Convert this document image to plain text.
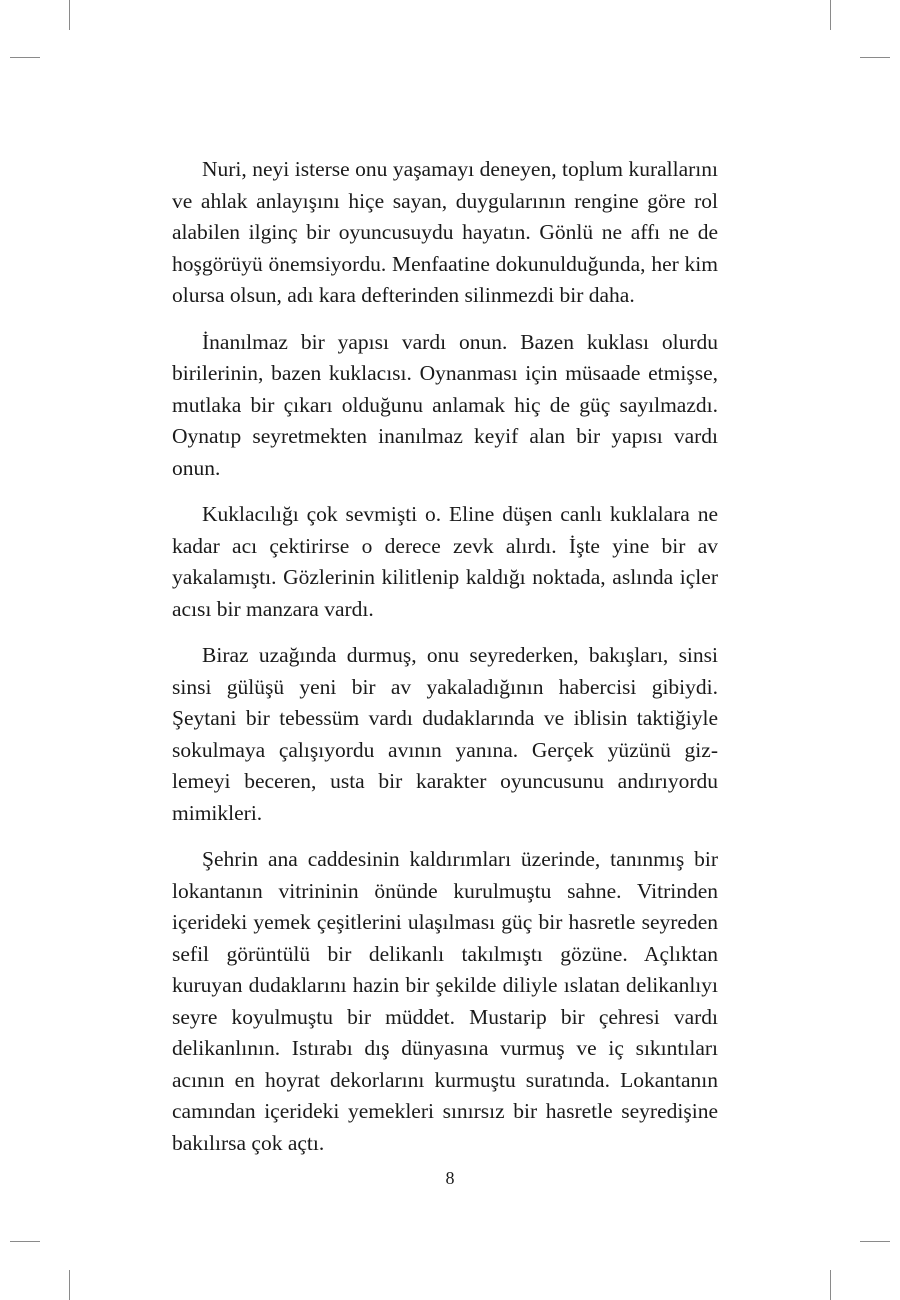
Nuri, neyi isterse onu yaşamayı deneyen, toplum kurallarını ve ahlak anlayışını hiçe sayan, duygularının rengine göre rol alabilen ilginç bir oyuncusuydu hayatın. Gönlü ne affı ne de hoşgörüyü önemsiyordu. Menfaatine dokunulduğunda, her kim olursa olsun, adı kara defterinden silinmezdi bir daha.

İnanılmaz bir yapısı vardı onun. Bazen kuklası olurdu birilerinin, bazen kuklacısı. Oynanması için müsaade etmişse, mutlaka bir çıkarı olduğunu anlamak hiç de güç sayılmazdı. Oynatıp seyretmekten inanılmaz keyif alan bir yapısı vardı onun.

Kuklacılığı çok sevmişti o. Eline düşen canlı kuklalara ne kadar acı çektirirse o derece zevk alırdı. İşte yine bir av yakalamıştı. Gözlerinin kilitlenip kaldığı noktada, aslında içler acısı bir manzara vardı.

Biraz uzağında durmuş, onu seyrederken, bakışları, sinsi sinsi gülüşü yeni bir av yakaladığının habercisi gibiydi. Şeytani bir tebessüm vardı dudaklarında ve iblisin taktiğiyle sokulmaya çalışıyordu avının yanına. Gerçek yüzünü gizlemeyi beceren, usta bir karakter oyuncusunu andırıyordu mimikleri.

Şehrin ana caddesinin kaldırımları üzerinde, tanınmış bir lokantanın vitrininin önünde kurulmuştu sahne. Vitrinden içerideki yemek çeşitlerini ulaşılması güç bir hasretle seyreden sefil görüntülü bir delikanlı takılmıştı gözüne. Açlıktan kuruyan dudaklarını hazin bir şekilde diliyle ıslatan delikanlıyı seyre koyulmuştu bir müddet. Mustarip bir çehresi vardı delikanlının. Istırabı dış dünyasına vurmuş ve iç sıkıntıları acının en hoyrat dekorlarını kurmuştu suratında. Lokantanın camından içerideki yemekleri sınırsız bir hasretle seyredişine bakılırsa çok açtı.

8
